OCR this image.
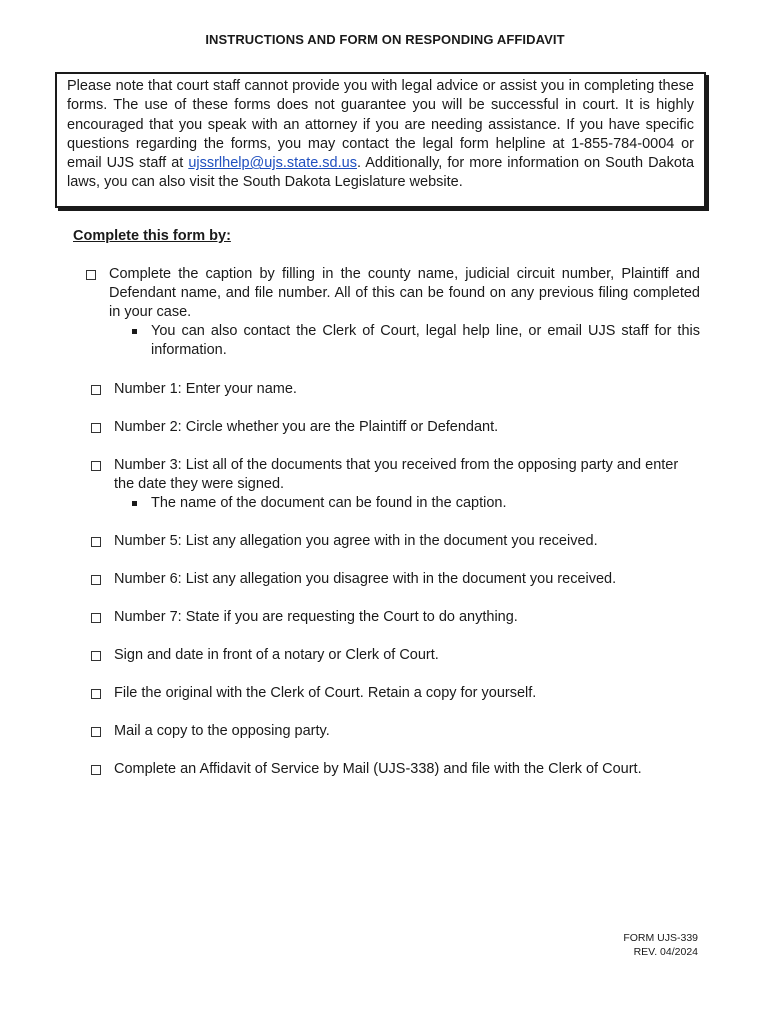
INSTRUCTIONS AND FORM ON RESPONDING AFFIDAVIT
Please note that court staff cannot provide you with legal advice or assist you in completing these forms. The use of these forms does not guarantee you will be successful in court. It is highly encouraged that you speak with an attorney if you are needing assistance. If you have specific questions regarding the forms, you may contact the legal form helpline at 1-855-784-0004 or email UJS staff at ujssrlhelp@ujs.state.sd.us. Additionally, for more information on South Dakota laws, you can also visit the South Dakota Legislature website.
Complete this form by:
Complete the caption by filling in the county name, judicial circuit number, Plaintiff and Defendant name, and file number. All of this can be found on any previous filing completed in your case.
You can also contact the Clerk of Court, legal help line, or email UJS staff for this information.
Number 1: Enter your name.
Number 2: Circle whether you are the Plaintiff or Defendant.
Number 3: List all of the documents that you received from the opposing party and enter the date they were signed.
The name of the document can be found in the caption.
Number 5: List any allegation you agree with in the document you received.
Number 6: List any allegation you disagree with in the document you received.
Number 7: State if you are requesting the Court to do anything.
Sign and date in front of a notary or Clerk of Court.
File the original with the Clerk of Court. Retain a copy for yourself.
Mail a copy to the opposing party.
Complete an Affidavit of Service by Mail (UJS-338) and file with the Clerk of Court.
FORM UJS-339
REV. 04/2024
